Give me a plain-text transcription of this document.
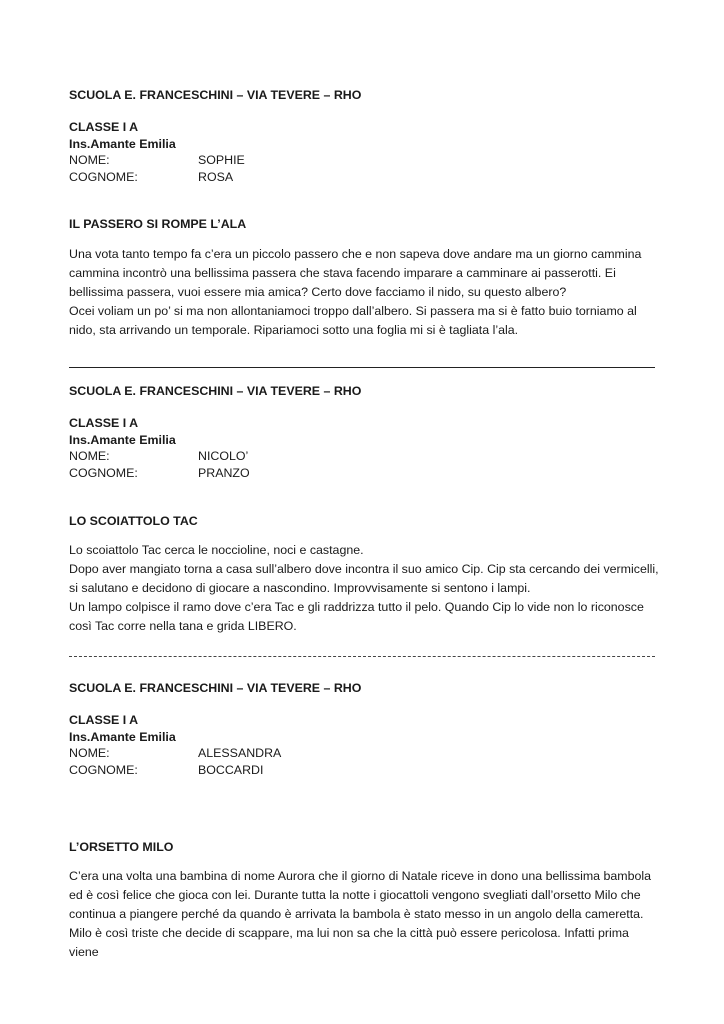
SCUOLA E. FRANCESCHINI – VIA TEVERE – RHO
CLASSE I A
Ins.Amante Emilia
NOME:	SOPHIE
COGNOME:	ROSA
IL PASSERO SI ROMPE L’ALA

Una vota tanto tempo fa c’era un piccolo passero che e non sapeva dove andare ma un giorno cammina cammina incontrò una bellissima passera che stava facendo imparare a camminare ai passerotti. Ei bellissima passera, vuoi essere mia amica? Certo dove facciamo il nido, su questo albero?
Ocei voliam un po’ si ma non allontaniamoci troppo dall’albero. Si passera ma si è fatto buio torniamo al nido, sta arrivando un temporale. Ripariamoci sotto una foglia mi si è tagliata l’ala.

SCUOLA E. FRANCESCHINI – VIA TEVERE – RHO
CLASSE I A
Ins.Amante Emilia
NOME:	NICOLO’
COGNOME:	PRANZO
LO SCOIATTOLO TAC

Lo scoiattolo Tac cerca le noccioline, noci e castagne.
Dopo aver mangiato torna a casa sull’albero dove incontra il suo amico Cip. Cip sta cercando dei vermicelli, si salutano e decidono di giocare a nascondino. Improvvisamente si sentono i lampi.
Un lampo colpisce il ramo dove c’era Tac e gli raddrizza tutto il pelo. Quando Cip lo vide non lo riconosce così Tac corre nella tana e grida LIBERO.

SCUOLA E. FRANCESCHINI – VIA TEVERE – RHO
CLASSE I A
Ins.Amante Emilia
NOME:	ALESSANDRA
COGNOME:	BOCCARDI
L’ORSETTO MILO

C’era una volta una bambina di nome Aurora che il giorno di Natale riceve in dono una bellissima bambola ed è così felice che gioca con lei. Durante tutta la notte i giocattoli vengono svegliati dall’orsetto Milo che continua a piangere perché da quando è arrivata la bambola è stato messo in un angolo della cameretta. Milo è così triste che decide di scappare, ma lui non sa che la città può essere pericolosa. Infatti prima viene
